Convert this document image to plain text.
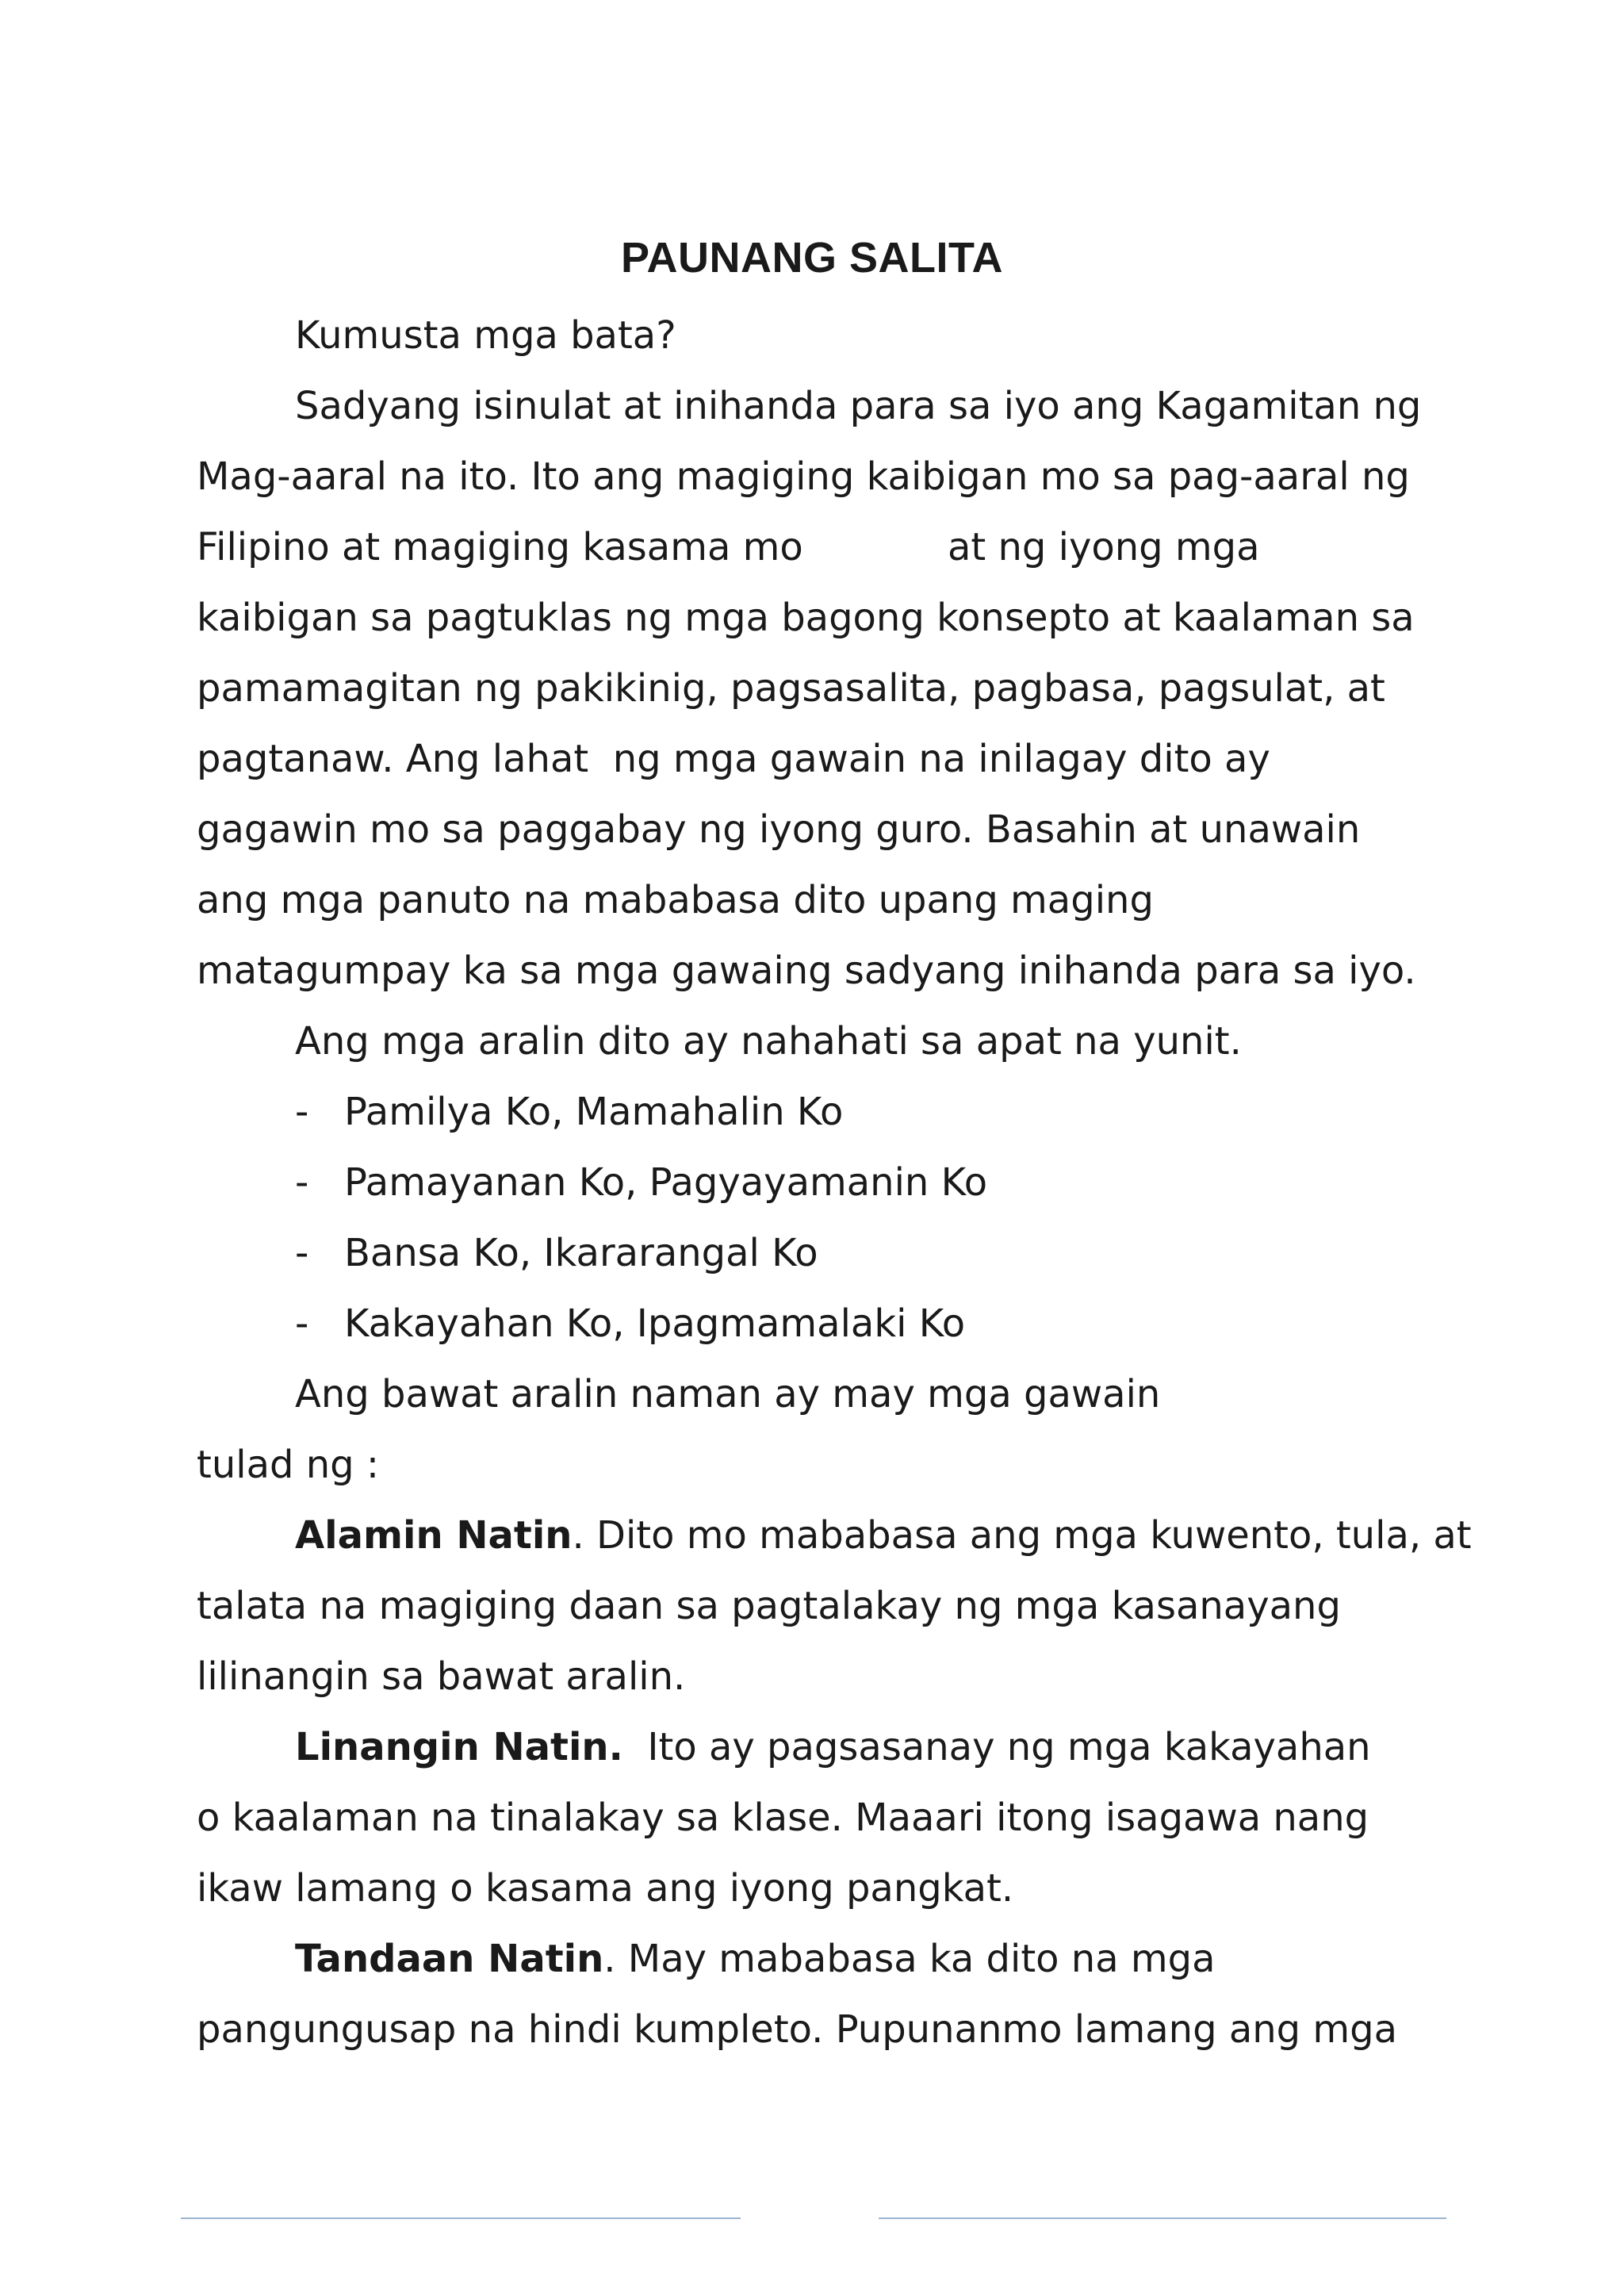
PAUNANG SALITA

Kumusta mga bata?

Sadyang isinulat at inihanda para sa iyo ang Kagamitan ng

Mag-aaral na ito. Ito ang magiging kaibigan mo sa pag-aaral ng

Filipino at magiging kasama mo	at ng iyong mga

kaibigan sa pagtuklas ng mga bagong konsepto at kaalaman sa

pamamagitan ng pakikinig, pagsasalita, pagbasa, pagsulat, at

pagtanaw. Ang lahat  ng mga gawain na inilagay dito ay

gagawin mo sa paggabay ng iyong guro. Basahin at unawain

ang mga panuto na mababasa dito upang maging

matagumpay ka sa mga gawaing sadyang inihanda para sa iyo.

Ang mga aralin dito ay nahahati sa apat na yunit.

- Pamilya Ko, Mamahalin Ko

- Pamayanan Ko, Pagyayamanin Ko

- Bansa Ko, Ikararangal Ko

- Kakayahan Ko, Ipagmamalaki Ko

Ang bawat aralin naman ay may mga gawain

tulad ng :

Alamin Natin. Dito mo mababasa ang mga kuwento, tula, at

talata na magiging daan sa pagtalakay ng mga kasanayang

lilinangin sa bawat aralin.

Linangin Natin.  Ito ay pagsasanay ng mga kakayahan

o kaalaman na tinalakay sa klase. Maaari itong isagawa nang

ikaw lamang o kasama ang iyong pangkat.

Tandaan Natin. May mababasa ka dito na mga

pangungusap na hindi kumpleto. Pupunanmo lamang ang mga
